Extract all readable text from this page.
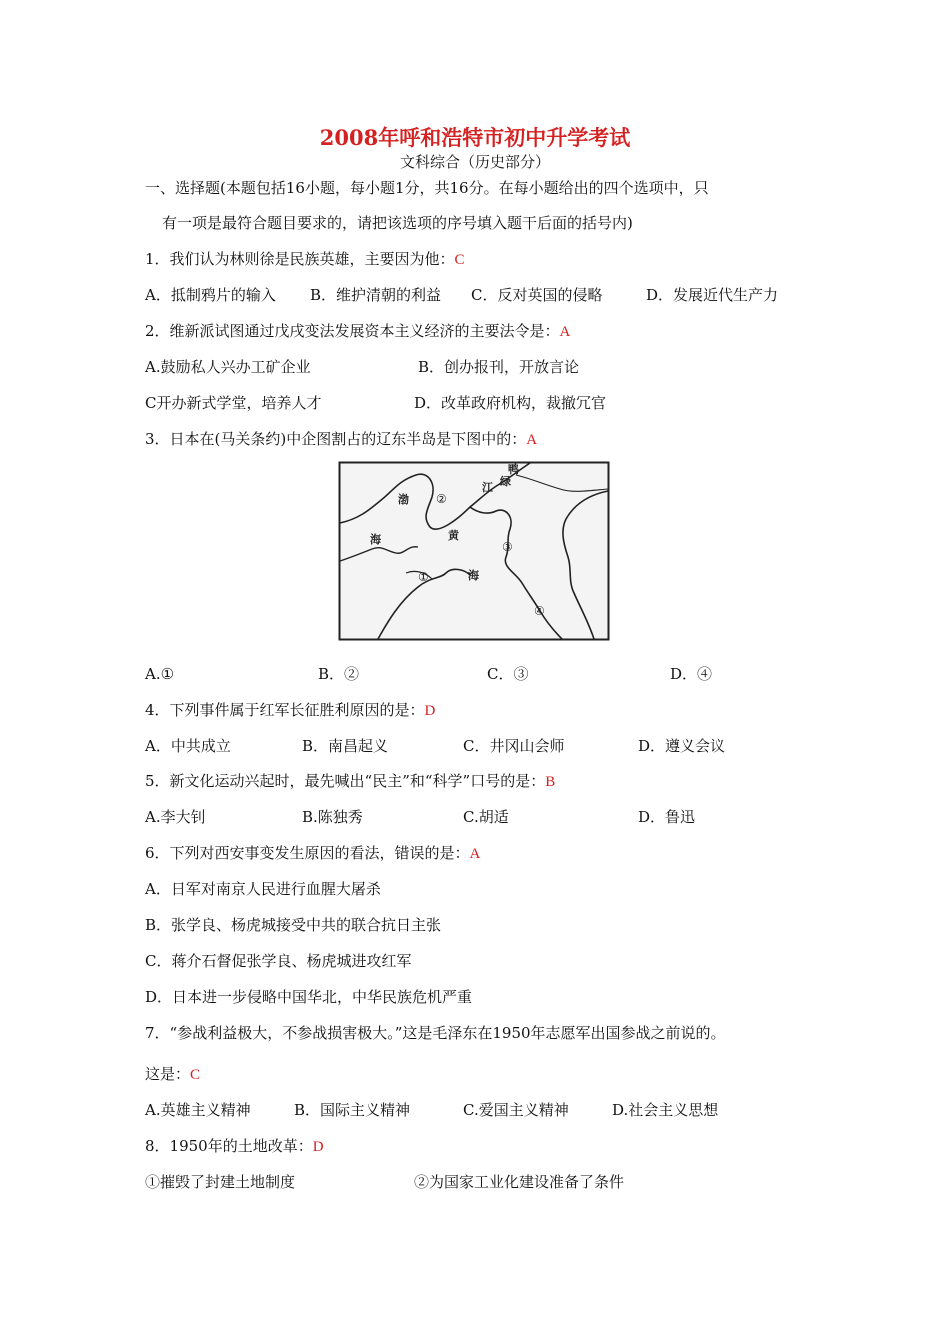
2008年呼和浩特市初中升学考试
文科综合（历史部分）
一、选择题(本题包括16小题，每小题1分，共16分。在每小题给出的四个选项中，只
有一项是最符合题目要求的，请把该选项的序号填入题干后面的括号内)
1．我们认为林则徐是民族英雄，主要因为他：C
A．抵制鸦片的输入 B．维护清朝的利益 C．反对英国的侵略	D．发展近代生产力
2．维新派试图通过戊戌变法发展资本主义经济的主要法令是：A
A.鼓励私人兴办工矿企业	B．创办报刊，开放言论
C开办新式学堂，培养人才	D．改革政府机构，裁撤冗官
3．日本在(马关条约)中企图割占的辽东半岛是下图中的：A
渤
海	黄
海
鸭
绿
江
①
②
③
④
A.①	B．②	C．③	D．④
4．下列事件属于红军长征胜利原因的是：D
A．中共成立	B．南昌起义	C．井冈山会师	D．遵义会议
5．新文化运动兴起时，最先喊出“民主”和“科学”口号的是：B
A.李大钊	B.陈独秀	C.胡适	D．鲁迅
6．下列对西安事变发生原因的看法，错误的是：A
A．日军对南京人民进行血腥大屠杀
B．张学良、杨虎城接受中共的联合抗日主张
C．蒋介石督促张学良、杨虎城进攻红军
D．日本进一步侵略中国华北，中华民族危机严重
7．“参战利益极大，不参战损害极大。”这是毛泽东在1950年志愿军出国参战之前说的。
这是：C
A.英雄主义精神	B．国际主义精神	C.爱国主义精神	D.社会主义思想
8．1950年的土地改革：D
①摧毁了封建土地制度	②为国家工业化建设准备了条件
